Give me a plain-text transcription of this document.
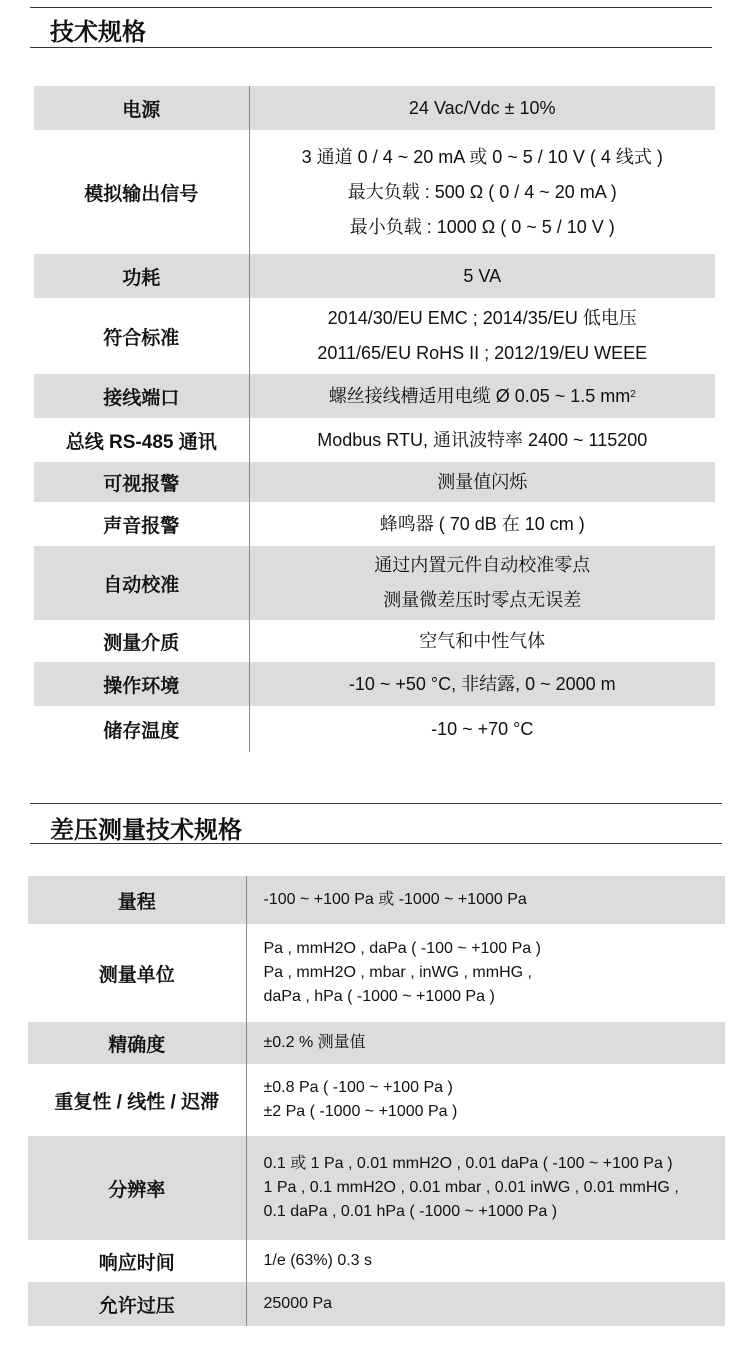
技术规格
电源	24 Vac/Vdc ± 10%

模拟输出信号	3 通道 0 / 4 ~ 20 mA 或 0 ~ 5 / 10 V ( 4 线式 )
最大负载 : 500 Ω ( 0 / 4 ~ 20 mA )
最小负载 : 1000 Ω ( 0 ~ 5 / 10 V )

功耗	5 VA

符合标准	2014/30/EU EMC ; 2014/35/EU 低电压
2011/65/EU RoHS II ; 2012/19/EU WEEE

接线端口	螺丝接线槽适用电缆 Ø 0.05 ~ 1.5 $mm^2$

总线 RS-485 通讯	Modbus RTU, 通讯波特率 2400 ~ 115200

可视报警	测量值闪烁

声音报警	蜂鸣器 ( 70 dB 在 10 cm )

自动校准	通过内置元件自动校准零点
测量微差压时零点无误差

测量介质	空气和中性气体

操作环境	-10 ~ +50 °C, 非结露, 0 ~ 2000 m

储存温度	-10 ~ +70 °C
差压测量技术规格
量程	-100 ~ +100 Pa 或 -1000 ~ +1000 Pa

测量单位	Pa , mmH2O , daPa ( -100 ~ +100 Pa )
Pa , mmH2O , mbar , inWG , mmHG ,
daPa , hPa ( -1000 ~ +1000 Pa )

精确度	±0.2 % 测量值

重复性 / 线性 / 迟滞	±0.8 Pa ( -100 ~ +100 Pa )
±2 Pa ( -1000 ~ +1000 Pa )

分辨率	0.1 或 1 Pa , 0.01 mmH2O , 0.01 daPa ( -100 ~ +100 Pa )
1 Pa , 0.1 mmH2O , 0.01 mbar , 0.01 inWG , 0.01 mmHG ,
0.1 daPa , 0.01 hPa ( -1000 ~ +1000 Pa )

响应时间	1/e (63%) 0.3 s

允许过压	25000 Pa
